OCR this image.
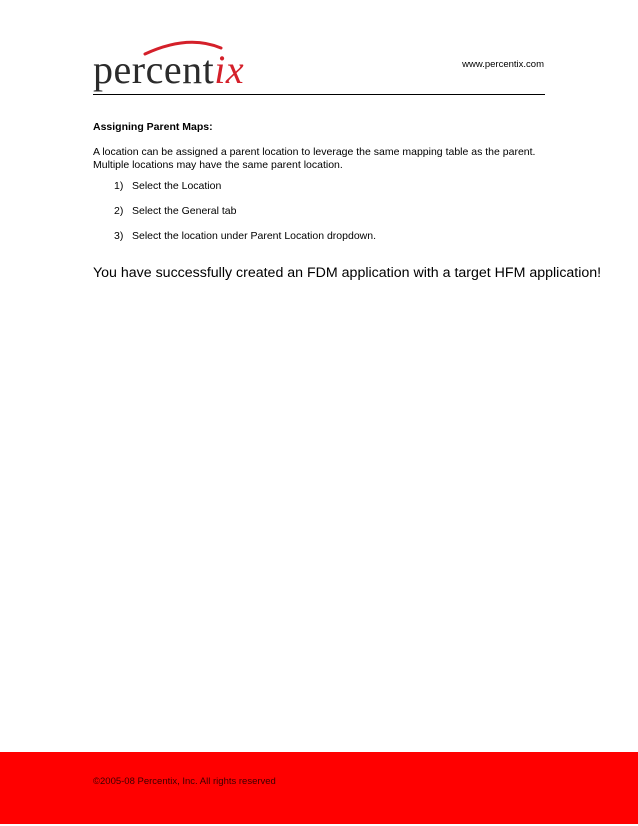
percentix	www.percentix.com
Assigning Parent Maps:
A location can be assigned a parent location to leverage the same mapping table as the parent.
Multiple locations may have the same parent location.
1) Select the Location
2) Select the General tab
3) Select the location under Parent Location dropdown.
You have successfully created an FDM application with a target HFM application!
©2005-08 Percentix, Inc. All rights reserved
